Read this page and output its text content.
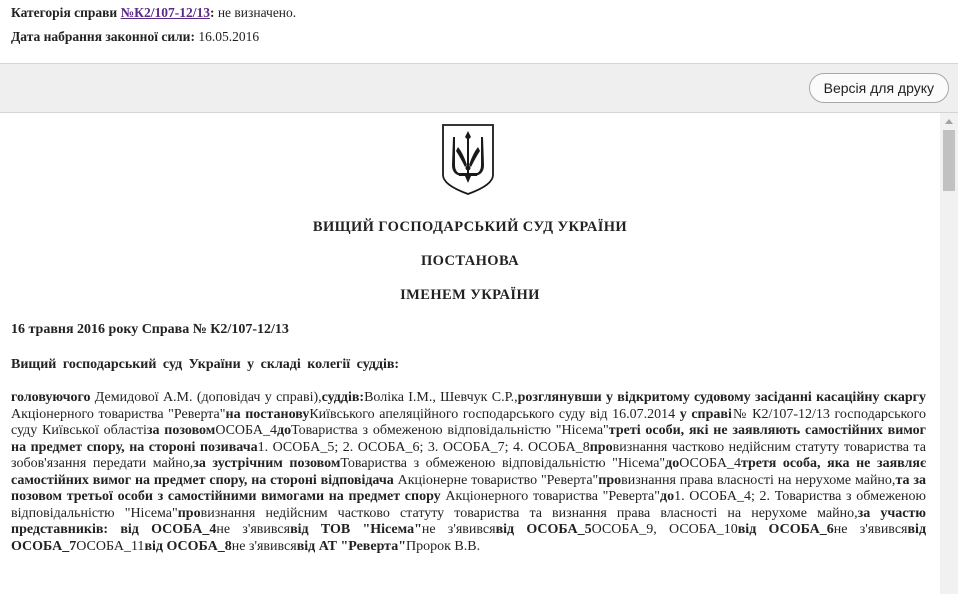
Категорія справи №К2/107-12/13: не визначено.
Дата набрання законної сили: 16.05.2016
Версія для друку
ВИЩИЙ ГОСПОДАРСЬКИЙ СУД УКРАЇНИ
ПОСТАНОВА
ІМЕНЕМ УКРАЇНИ
16 травня 2016 року Справа № К2/107-12/13
Вищий господарський суд України у складі колегії суддів:
головуючого Демидової А.М. (доповідач у справі),суддів:Воліка І.М., Шевчук С.Р.,розглянувши у відкритому судовому засіданні касаційну скаргу Акціонерного товариства "Реверта"на постановуКиївського апеляційного господарського суду від 16.07.2014 у справі№ К2/107-12/13 господарського суду Київської областіза позовомОСОБА_4доТовариства з обмеженою відповідальністю "Нісема"треті особи, які не заявляють самостійних вимог на предмет спору, на стороні позивача1. ОСОБА_5; 2. ОСОБА_6; 3. ОСОБА_7; 4. ОСОБА_8провизнання частково недійсним статуту товариства та зобов'язання передати майно,за зустрічним позовомТовариства з обмеженою відповідальністю "Нісема"доОСОБА_4третя особа, яка не заявляє самостійних вимог на предмет спору, на стороні відповідача Акціонерне товариство "Реверта"провизнання права власності на нерухоме майно,та за позовом третьої особи з самостійними вимогами на предмет спору Акціонерного товариства "Реверта"до1. ОСОБА_4; 2. Товариства з обмеженою відповідальністю "Нісема"провизнання недійсним частково статуту товариства та визнання права власності на нерухоме майно,за участю представників: від ОСОБА_4не з'явивсявід ТОВ "Нісема"не з'явивсявід ОСОБА_5ОСОБА_9, ОСОБА_10від ОСОБА_6не з'явивсявід ОСОБА_7ОСОБА_11від ОСОБА_8не з'явивсявід АТ "Реверта"Пророк В.В.
